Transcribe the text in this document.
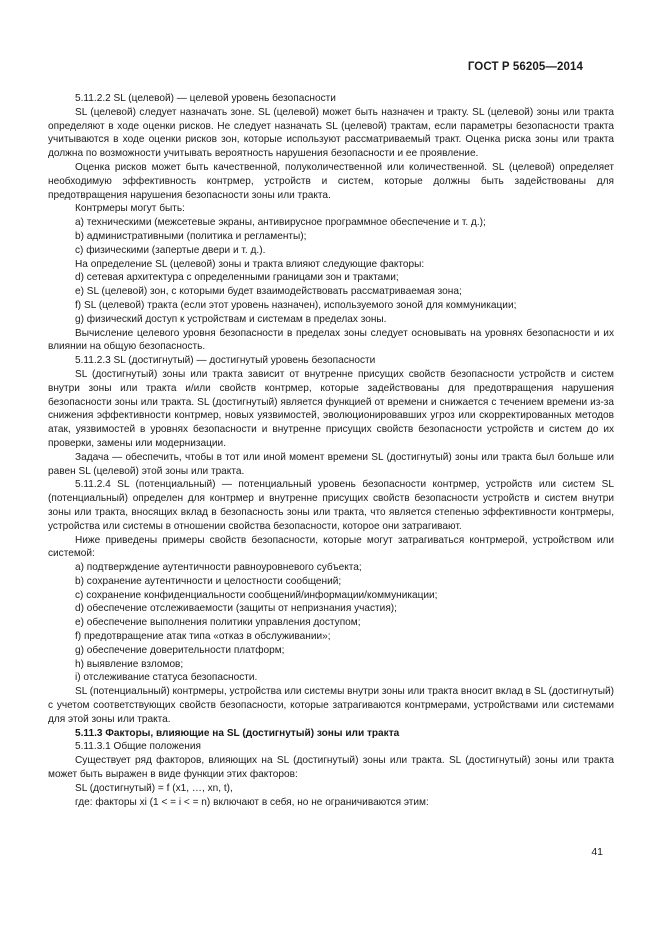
ГОСТ Р 56205—2014

5.11.2.2 SL (целевой) — целевой уровень безопасности

SL (целевой) следует назначать зоне. SL (целевой) может быть назначен и тракту. SL (целевой) зоны или тракта определяют в ходе оценки рисков. Не следует назначать SL (целевой) трактам, если параметры безопасности тракта учитываются в ходе оценки рисков зон, которые используют рассматриваемый тракт. Оценка риска зоны или тракта должна по возможности учитывать вероятность нарушения безопасности и ее проявление.

Оценка рисков может быть качественной, полуколичественной или количественной. SL (целевой) определяет необходимую эффективность контрмер, устройств и систем, которые должны быть задействованы для предотвращения нарушения безопасности зоны или тракта.

Контрмеры могут быть:

а) техническими (межсетевые экраны, антивирусное программное обеспечение и т. д.);

b) административными (политика и регламенты);

с) физическими (запертые двери и т. д.).

На определение SL (целевой) зоны и тракта влияют следующие факторы:

d) сетевая архитектура с определенными границами зон и трактами;

е) SL (целевой) зон, с которыми будет взаимодействовать рассматриваемая зона;

f) SL (целевой) тракта (если этот уровень назначен), используемого зоной для коммуникации;

g) физический доступ к устройствам и системам в пределах зоны.

Вычисление целевого уровня безопасности в пределах зоны следует основывать на уровнях безопасности и их влиянии на общую безопасность.

5.11.2.3 SL (достигнутый) — достигнутый уровень безопасности

SL (достигнутый) зоны или тракта зависит от внутренне присущих свойств безопасности устройств и систем внутри зоны или тракта и/или свойств контрмер, которые задействованы для предотвращения нарушения безопасности зоны или тракта. SL (достигнутый) является функцией от времени и снижается с течением времени из-за снижения эффективности контрмер, новых уязвимостей, эволюционировавших угроз или скорректированных методов атак, уязвимостей в уровнях безопасности и внутренне присущих свойств безопасности устройств и систем до их проверки, замены или модернизации.

Задача — обеспечить, чтобы в тот или иной момент времени SL (достигнутый) зоны или тракта был больше или равен SL (целевой) этой зоны или тракта.

5.11.2.4 SL (потенциальный) — потенциальный уровень безопасности контрмер, устройств или систем SL (потенциальный) определен для контрмер и внутренне присущих свойств безопасности устройств и систем внутри зоны или тракта, вносящих вклад в безопасность зоны или тракта, что является степенью эффективности контрмеры, устройства или системы в отношении свойства безопасности, которое они затрагивают.

Ниже приведены примеры свойств безопасности, которые могут затрагиваться контрмерой, устройством или системой:

а) подтверждение аутентичности равноуровневого субъекта;

b) сохранение аутентичности и целостности сообщений;

с) сохранение конфиденциальности сообщений/информации/коммуникации;

d) обеспечение отслеживаемости (защиты от непризнания участия);

е) обеспечение выполнения политики управления доступом;

f) предотвращение атак типа «отказ в обслуживании»;

g) обеспечение доверительности платформ;

h) выявление взломов;

i) отслеживание статуса безопасности.

SL (потенциальный) контрмеры, устройства или системы внутри зоны или тракта вносит вклад в SL (достигнутый) с учетом соответствующих свойств безопасности, которые затрагиваются контрмерами, устройствами или системами для этой зоны или тракта.

5.11.3 Факторы, влияющие на SL (достигнутый) зоны или тракта

5.11.3.1 Общие положения

Существует ряд факторов, влияющих на SL (достигнутый) зоны или тракта. SL (достигнутый) зоны или тракта может быть выражен в виде функции этих факторов:

SL (достигнутый) = f (x1, …, xn, t),

где: факторы xi (1 < = i < = n) включают в себя, но не ограничиваются этим:

41
